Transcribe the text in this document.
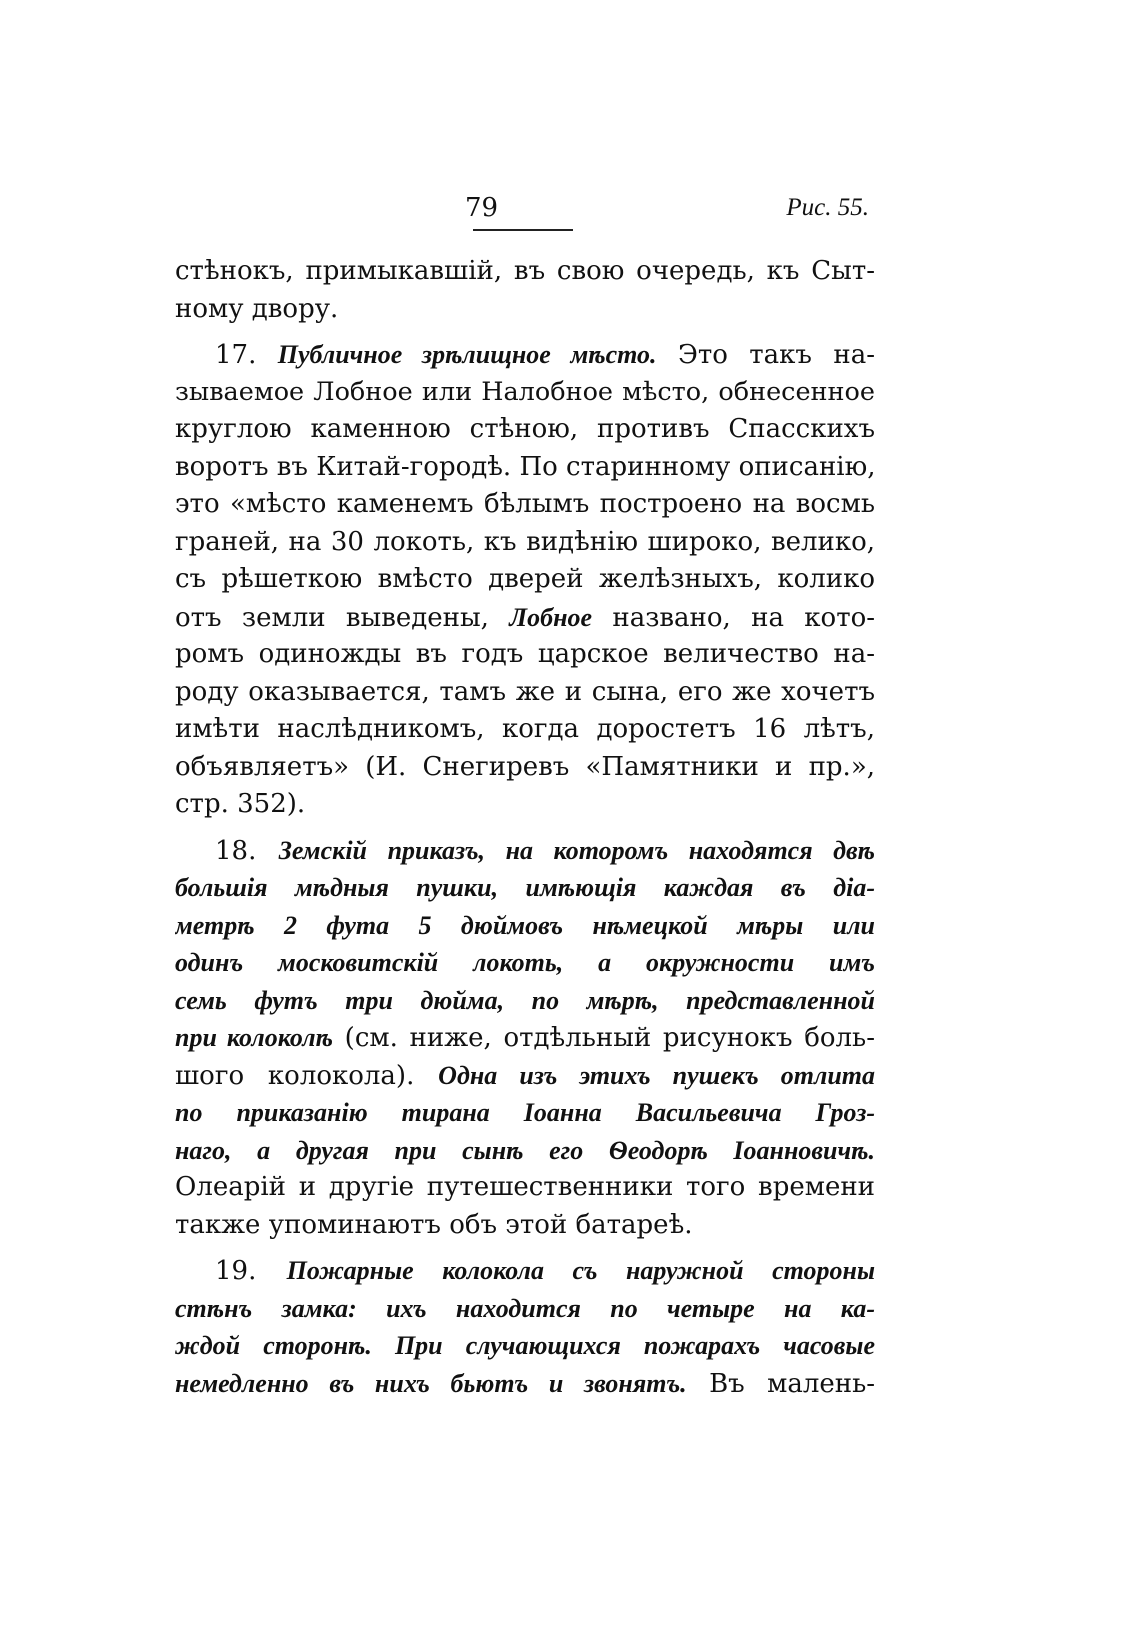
79	Рис. 55.
стѣнокъ, примыкавшій, въ свою очередь, къ Сыт-
ному двору.
17. Публичное зрѣлищное мѣсто. Это такъ на-
зываемое Лобное или Налобное мѣсто, обнесенное
круглою каменною стѣною, противъ Спасскихъ
воротъ въ Китай-городѣ. По старинному описанію,
это «мѣсто каменемъ бѣлымъ построено на восмь
граней, на 30 локоть, къ видѣнію широко, велико,
съ рѣшеткою вмѣсто дверей желѣзныхъ, колико
отъ земли выведены, Лобное названо, на кото-
ромъ одиножды въ годъ царское величество на-
роду оказывается, тамъ же и сына, его же хочетъ
имѣти наслѣдникомъ, когда доростетъ 16 лѣтъ,
объявляетъ» (И. Снегиревъ «Памятники и пр.»,
стр. 352).
18. Земскій приказъ, на которомъ находятся двѣ
большія мѣдныя пушки, имѣющія каждая въ діа-
метрѣ 2 фута 5 дюймовъ нѣмецкой мѣры или
одинъ московитскій локоть, а окружности имъ
семь футъ три дюйма, по мѣрѣ, представленной
при колоколѣ (см. ниже, отдѣльный рисунокъ боль-
шого колокола). Одна изъ этихъ пушекъ отлита
по приказанію тирана Іоанна Васильевича Гроз-
наго, а другая при сынѣ его Ѳеодорѣ Іоанновичѣ.
Олеарій и другіе путешественники того времени
также упоминаютъ объ этой батареѣ.
19. Пожарные колокола съ наружной стороны
стѣнъ замка: ихъ находится по четыре на ка-
ждой сторонѣ. При случающихся пожарахъ часовые
немедленно въ нихъ бьютъ и звонятъ. Въ малень-
